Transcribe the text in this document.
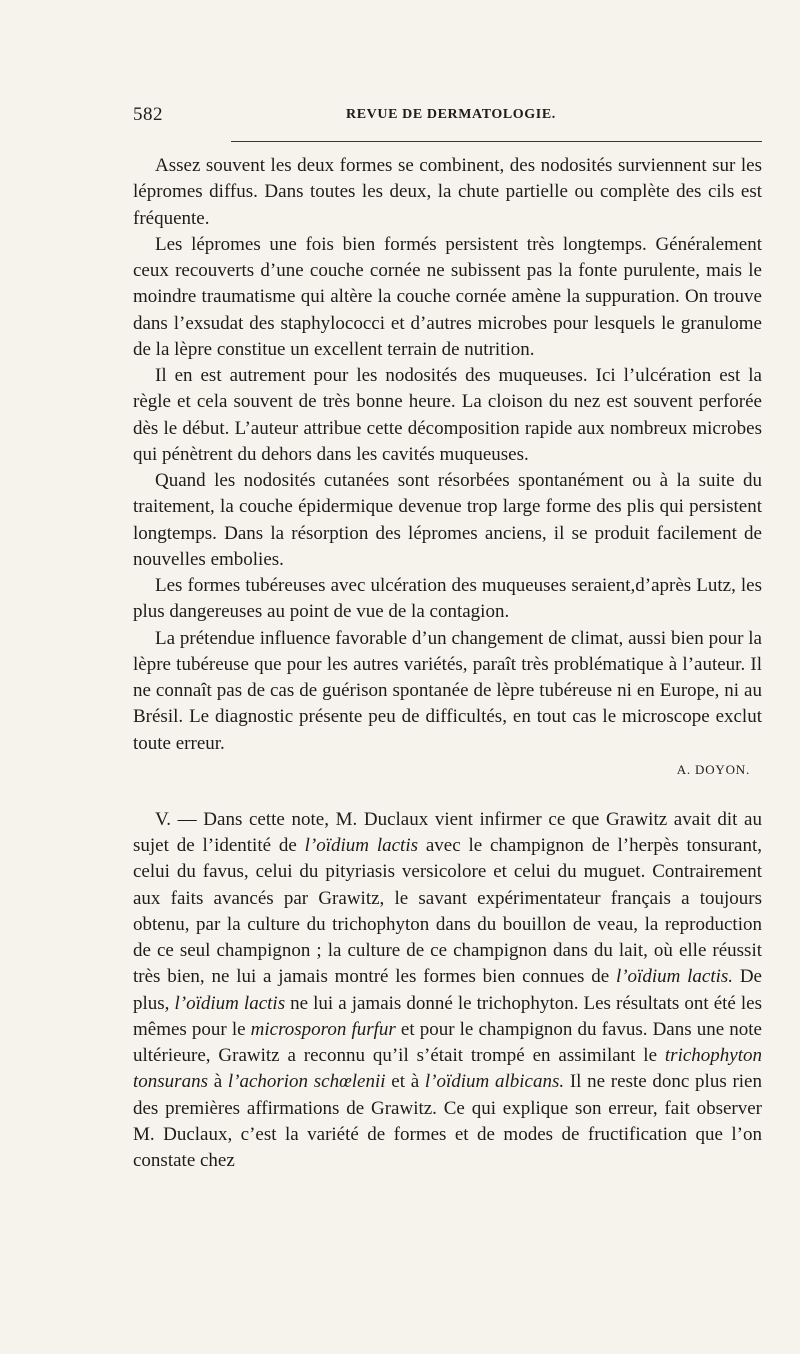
582	REVUE DE DERMATOLOGIE.

Assez souvent les deux formes se combinent, des nodosités surviennent sur les lépromes diffus. Dans toutes les deux, la chute partielle ou complète des cils est fréquente.

Les lépromes une fois bien formés persistent très longtemps. Généralement ceux recouverts d’une couche cornée ne subissent pas la fonte purulente, mais le moindre traumatisme qui altère la couche cornée amène la suppuration. On trouve dans l’exsudat des staphylococci et d’autres microbes pour lesquels le granulome de la lèpre constitue un excellent terrain de nutrition.

Il en est autrement pour les nodosités des muqueuses. Ici l’ulcération est la règle et cela souvent de très bonne heure. La cloison du nez est souvent perforée dès le début. L’auteur attribue cette décomposition rapide aux nombreux microbes qui pénètrent du dehors dans les cavités muqueuses.

Quand les nodosités cutanées sont résorbées spontanément ou à la suite du traitement, la couche épidermique devenue trop large forme des plis qui persistent longtemps. Dans la résorption des lépromes anciens, il se produit facilement de nouvelles embolies.

Les formes tubéreuses avec ulcération des muqueuses seraient,d’après Lutz, les plus dangereuses au point de vue de la contagion.

La prétendue influence favorable d’un changement de climat, aussi bien pour la lèpre tubéreuse que pour les autres variétés, paraît très problématique à l’auteur. Il ne connaît pas de cas de guérison spontanée de lèpre tubéreuse ni en Europe, ni au Brésil. Le diagnostic présente peu de difficultés, en tout cas le microscope exclut toute erreur.

A. DOYON.

V. — Dans cette note, M. Duclaux vient infirmer ce que Grawitz avait dit au sujet de l’identité de l’oïdium lactis avec le champignon de l’herpès tonsurant, celui du favus, celui du pityriasis versicolore et celui du muguet. Contrairement aux faits avancés par Grawitz, le savant expérimentateur français a toujours obtenu, par la culture du trichophyton dans du bouillon de veau, la reproduction de ce seul champignon ; la culture de ce champignon dans du lait, où elle réussit très bien, ne lui a jamais montré les formes bien connues de l’oïdium lactis. De plus, l’oïdium lactis ne lui a jamais donné le trichophyton. Les résultats ont été les mêmes pour le microsporon furfur et pour le champignon du favus. Dans une note ultérieure, Grawitz a reconnu qu’il s’était trompé en assimilant le trichophyton tonsurans à l’achorion schœlenii et à l’oïdium albicans. Il ne reste donc plus rien des premières affirmations de Grawitz. Ce qui explique son erreur, fait observer M. Duclaux, c’est la variété de formes et de modes de fructification que l’on constate chez
